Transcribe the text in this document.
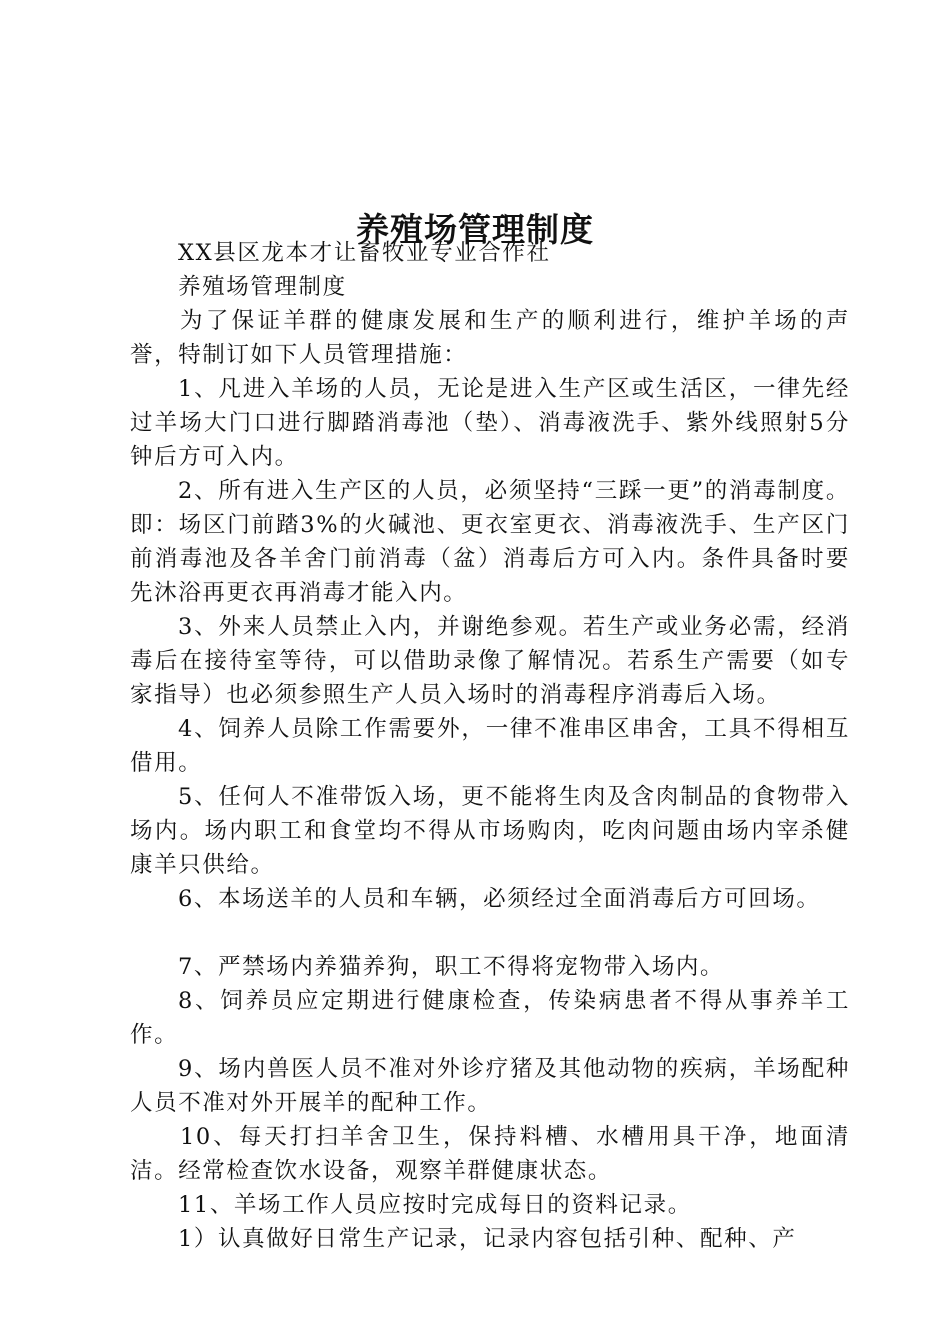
养殖场管理制度

XX县区龙本才让畜牧业专业合作社

养殖场管理制度

为了保证羊群的健康发展和生产的顺利进行，维护羊场的声誉，特制订如下人员管理措施：

1、凡进入羊场的人员，无论是进入生产区或生活区，一律先经过羊场大门口进行脚踏消毒池（垫）、消毒液洗手、紫外线照射5分钟后方可入内。

2、所有进入生产区的人员，必须坚持“三踩一更”的消毒制度。即：场区门前踏3%的火碱池、更衣室更衣、消毒液洗手、生产区门前消毒池及各羊舍门前消毒（盆）消毒后方可入内。条件具备时要先沐浴再更衣再消毒才能入内。

3、外来人员禁止入内，并谢绝参观。若生产或业务必需，经消毒后在接待室等待，可以借助录像了解情况。若系生产需要（如专家指导）也必须参照生产人员入场时的消毒程序消毒后入场。

4、饲养人员除工作需要外，一律不准串区串舍，工具不得相互借用。

5、任何人不准带饭入场，更不能将生肉及含肉制品的食物带入场内。场内职工和食堂均不得从市场购肉，吃肉问题由场内宰杀健康羊只供给。

6、本场送羊的人员和车辆，必须经过全面消毒后方可回场。

7、严禁场内养猫养狗，职工不得将宠物带入场内。

8、饲养员应定期进行健康检查，传染病患者不得从事养羊工作。

9、场内兽医人员不准对外诊疗猪及其他动物的疾病，羊场配种人员不准对外开展羊的配种工作。

10、每天打扫羊舍卫生，保持料槽、水槽用具干净，地面清洁。经常检查饮水设备，观察羊群健康状态。

11、羊场工作人员应按时完成每日的资料记录。

1）认真做好日常生产记录，记录内容包括引种、配种、产
